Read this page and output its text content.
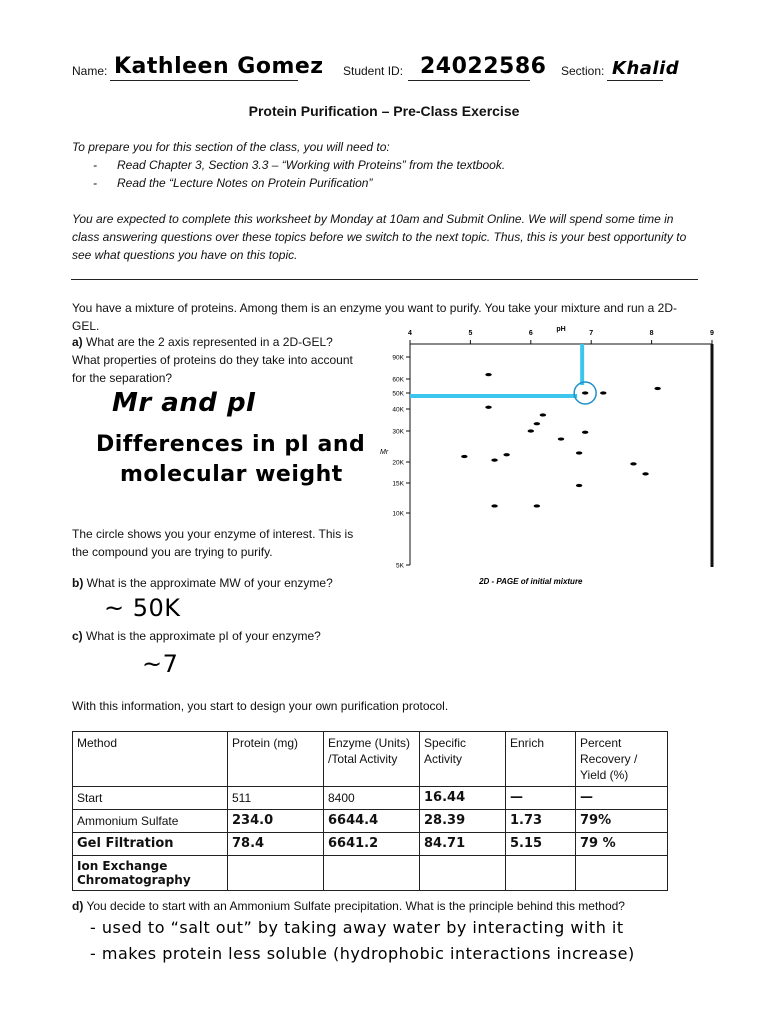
Name: Kathleen Gomez Student ID: 24022586 Section: Khalid
Protein Purification – Pre-Class Exercise
To prepare you for this section of the class, you will need to:
- Read Chapter 3, Section 3.3 – “Working with Proteins” from the textbook.
- Read the “Lecture Notes on Protein Purification”
You are expected to complete this worksheet by Monday at 10am and Submit Online. We will spend some time in class answering questions over these topics before we switch to the next topic. Thus, this is your best opportunity to see what questions you have on this topic.
You have a mixture of proteins. Among them is an enzyme you want to purify. You take your mixture and run a 2D-GEL.
a) What are the 2 axis represented in a 2D-GEL? What properties of proteins do they take into account for the separation?
Mr and pI
Differences in pI and
molecular weight
The circle shows you your enzyme of interest. This is the compound you are trying to purify.
4	5	6	7	8	9
pH
90K
60K
50K
40K
30K
20K
15K
10K
5K
Mr
2D - PAGE of initial mixture
b) What is the approximate MW of your enzyme?
~ 50K
c) What is the approximate pI of your enzyme?
~7
With this information, you start to design your own purification protocol.
Method	Protein (mg)	Enzyme (Units) /Total Activity	Specific Activity	Enrich	Percent Recovery / Yield (%)
Start	511	8400	16.44	—	—
Ammonium Sulfate	234.0	6644.4	28.39	1.73	79%
Gel Filtration	78.4	6641.2	84.71	5.15	79 %
Ion Exchange Chromatography					
d) You decide to start with an Ammonium Sulfate precipitation. What is the principle behind this method?
- used to “salt out” by taking away water by interacting with it
- makes protein less soluble (hydrophobic interactions increase)
